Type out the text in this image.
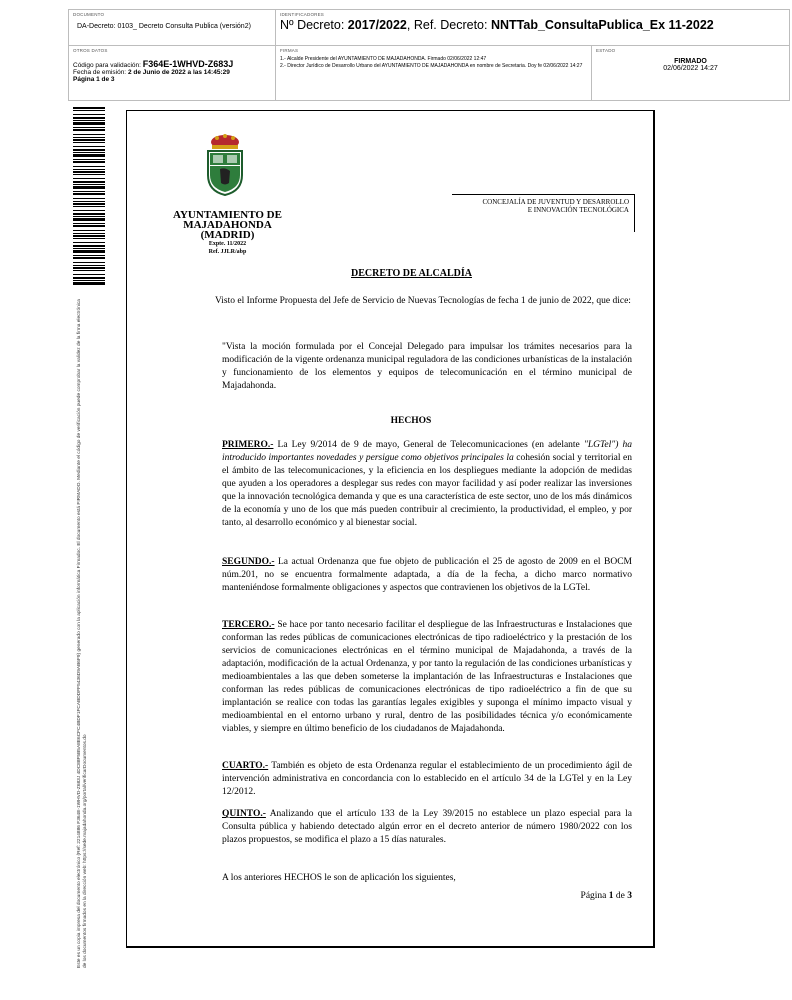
DOCUMENTO
DA-Decreto: 0103_ Decreto Consulta Publica (versión2)
IDENTIFICADORES
Nº Decreto: 2017/2022, Ref. Decreto: NNTTab_ConsultaPublica_Ex 11-2022
OTROS DATOS
Código para validación: F364E-1WHVD-Z683J
Fecha de emisión: 2 de Junio de 2022 a las 14:45:29
Página 1 de 3
FIRMAS
1.- Alcalde Presidente del AYUNTAMIENTO DE MAJADAHONDA. Firmado 02/06/2022 12:47
2.- Director Jurídico de Desarrollo Urbano del AYUNTAMIENTO DE MAJADAHONDA en nombre de Secretaria. Doy fe 02/06/2022 14:27
ESTADO
FIRMADO
02/06/2022 14:27
Este es un copia impresa del documento electrónico (Ref: 2214886 F364E-1WHVD-Z683J 4DC88F5B5A8E6CFC4BDF1FCABDDFF5436D9AB6F9) generado con la aplicación informática Firmadoc. El documento está FIRMADO. Mediante el código de verificación puede comprobar la validez de la firma electrónica de los documentos firmados en la dirección web: https://sede.majadahonda.org/portal/verificarDocumentos.do
AYUNTAMIENTO DE
MAJADAHONDA
(MADRID)
Expte. 11/2022
Ref. JJLR/abp
CONCEJALÍA DE JUVENTUD Y DESARROLLO
E INNOVACIÓN TECNOLÓGICA
DECRETO DE ALCALDÍA
Visto el Informe Propuesta del Jefe de Servicio de Nuevas Tecnologías de fecha 1 de junio de 2022, que dice:
"Vista la moción formulada por el Concejal Delegado para impulsar los trámites necesarios para la modificación de la vigente ordenanza municipal reguladora de las condiciones urbanísticas de la instalación y funcionamiento de los elementos y equipos de telecomunicación en el término municipal de Majadahonda.
HECHOS
PRIMERO.- La Ley 9/2014 de 9 de mayo, General de Telecomunicaciones (en adelante "LGTel") ha introducido importantes novedades y persigue como objetivos principales la cohesión social y territorial en el ámbito de las telecomunicaciones, y la eficiencia en los despliegues mediante la adopción de medidas que ayuden a los operadores a desplegar sus redes con mayor facilidad y así poder realizar las inversiones que la innovación tecnológica demanda y que es una característica de este sector, uno de los más dinámicos de la economía y uno de los que más pueden contribuir al crecimiento, la productividad, el empleo, y por tanto, al desarrollo económico y al bienestar social.
SEGUNDO.- La actual Ordenanza que fue objeto de publicación el 25 de agosto de 2009 en el BOCM núm.201, no se encuentra formalmente adaptada, a día de la fecha, a dicho marco normativo manteniéndose formalmente obligaciones y aspectos que contravienen los objetivos de la LGTel.
TERCERO.- Se hace por tanto necesario facilitar el despliegue de las Infraestructuras e Instalaciones que conforman las redes públicas de comunicaciones electrónicas de tipo radioeléctrico y la prestación de los servicios de comunicaciones electrónicas en el término municipal de Majadahonda, a través de la adaptación, modificación de la actual Ordenanza, y por tanto la regulación de las condiciones urbanísticas y medioambientales a las que deben someterse la implantación de las Infraestructuras e Instalaciones que conforman las redes públicas de comunicaciones electrónicas de tipo radioeléctrico a fin de que su implantación se realice con todas las garantías legales exigibles y suponga el mínimo impacto visual y medioambiental en el entorno urbano y rural, dentro de las posibilidades técnica y/o económicamente viables, y siempre en último beneficio de los ciudadanos de Majadahonda.
CUARTO.- También es objeto de esta Ordenanza regular el establecimiento de un procedimiento ágil de intervención administrativa en concordancia con lo establecido en el artículo 34 de la LGTel y en la Ley 12/2012.
QUINTO.- Analizando que el artículo 133 de la Ley 39/2015 no establece un plazo especial para la Consulta pública y habiendo detectado algún error en el decreto anterior de número 1980/2022 con los plazos propuestos, se modifica el plazo a 15 días naturales.
A los anteriores HECHOS le son de aplicación los siguientes,
Página 1 de 3
